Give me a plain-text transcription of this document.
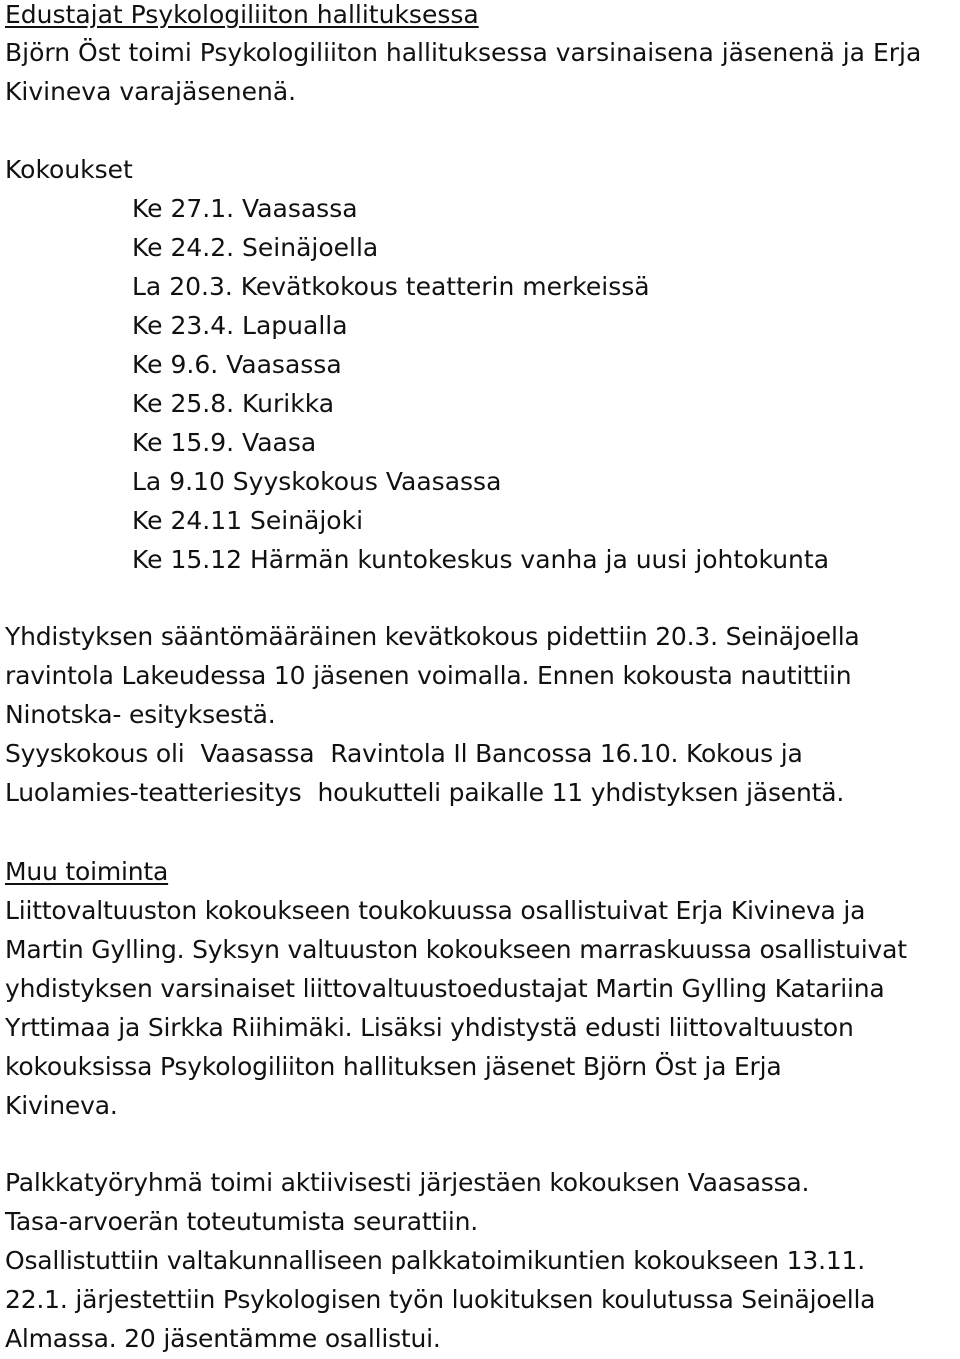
Edustajat Psykologiliiton hallituksessa
Björn Öst toimi Psykologiliiton hallituksessa varsinaisena jäsenenä ja Erja
Kivineva varajäsenenä.
Kokoukset
Ke 27.1. Vaasassa
Ke 24.2. Seinäjoella
La 20.3. Kevätkokous teatterin merkeissä
Ke 23.4. Lapualla
Ke 9.6. Vaasassa
Ke 25.8. Kurikka
Ke 15.9. Vaasa
La 9.10 Syyskokous Vaasassa
Ke 24.11 Seinäjoki
Ke 15.12 Härmän kuntokeskus vanha ja uusi johtokunta
Yhdistyksen sääntömääräinen kevätkokous pidettiin 20.3. Seinäjoella
ravintola Lakeudessa 10 jäsenen voimalla. Ennen kokousta nautittiin
Ninotska- esityksestä.
Syyskokous oli Vaasassa Ravintola Il Bancossa 16.10. Kokous ja
Luolamies-teatteriesitys houkutteli paikalle 11 yhdistyksen jäsentä.
Muu toiminta
Liittovaltuuston kokoukseen toukokuussa osallistuivat Erja Kivineva ja
Martin Gylling. Syksyn valtuuston kokoukseen marraskuussa osallistuivat
yhdistyksen varsinaiset liittovaltuustoedustajat Martin Gylling Katariina
Yrttimaa ja Sirkka Riihimäki. Lisäksi yhdistystä edusti liittovaltuuston
kokouksissa Psykologiliiton hallituksen jäsenet Björn Öst ja Erja
Kivineva.
Palkkatyöryhmä toimi aktiivisesti järjestäen kokouksen Vaasassa.
Tasa-arvoerän toteutumista seurattiin.
Osallistuttiin valtakunnalliseen palkkatoimikuntien kokoukseen 13.11.
22.1. järjestettiin Psykologisen työn luokituksen koulutussa Seinäjoella
Almassa. 20 jäsentämme osallistui.
